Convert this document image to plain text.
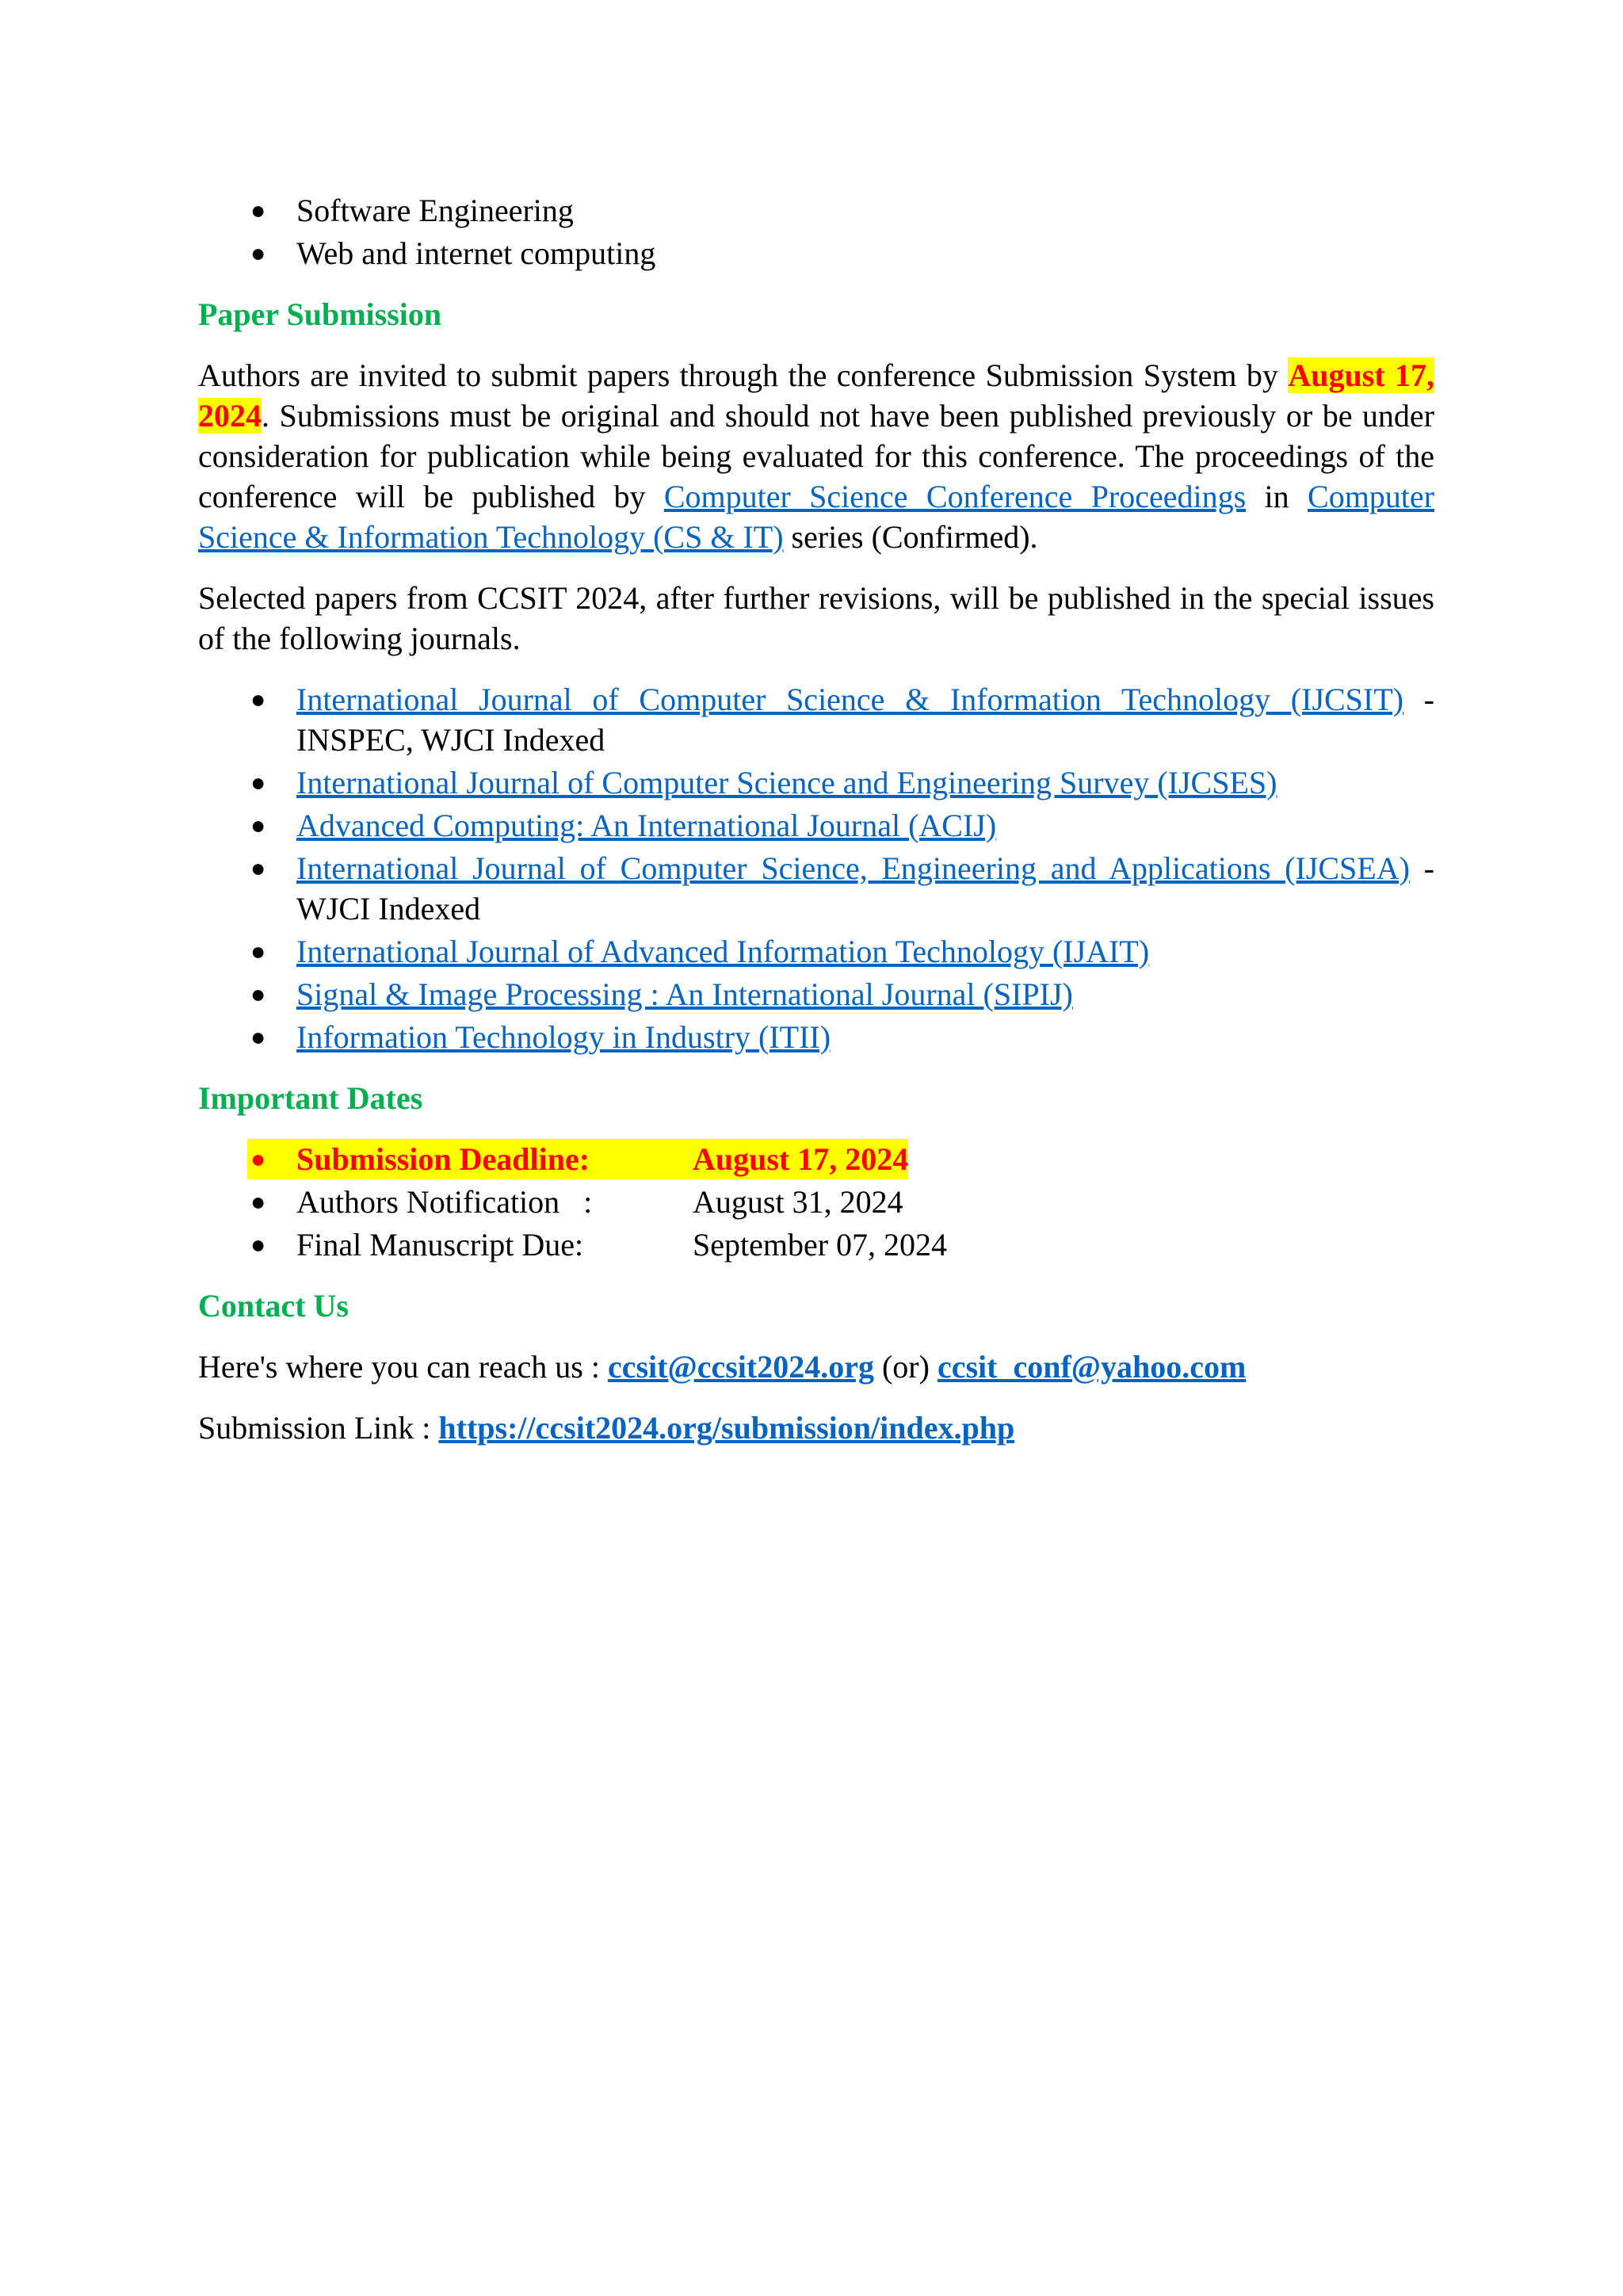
● Software Engineering
● Web and internet computing
Paper Submission

Authors are invited to submit papers through the conference Submission System by August 17, 2024. Submissions must be original and should not have been published previously or be under consideration for publication while being evaluated for this conference. The proceedings of the conference will be published by Computer Science Conference Proceedings in Computer Science & Information Technology (CS & IT) series (Confirmed).

Selected papers from CCSIT 2024, after further revisions, will be published in the special issues of the following journals.

● International Journal of Computer Science & Information Technology (IJCSIT) - INSPEC, WJCI Indexed
● International Journal of Computer Science and Engineering Survey (IJCSES)
● Advanced Computing: An International Journal (ACIJ)
● International Journal of Computer Science, Engineering and Applications (IJCSEA) - WJCI Indexed
● International Journal of Advanced Information Technology (IJAIT)
● Signal & Image Processing : An International Journal (SIPIJ)
● Information Technology in Industry (ITII)
Important Dates
● Submission Deadline:	August 17, 2024
● Authors Notification   :	August 31, 2024
● Final Manuscript Due:	September 07, 2024
Contact Us

Here's where you can reach us : ccsit@ccsit2024.org (or) ccsit_conf@yahoo.com

Submission Link : https://ccsit2024.org/submission/index.php
